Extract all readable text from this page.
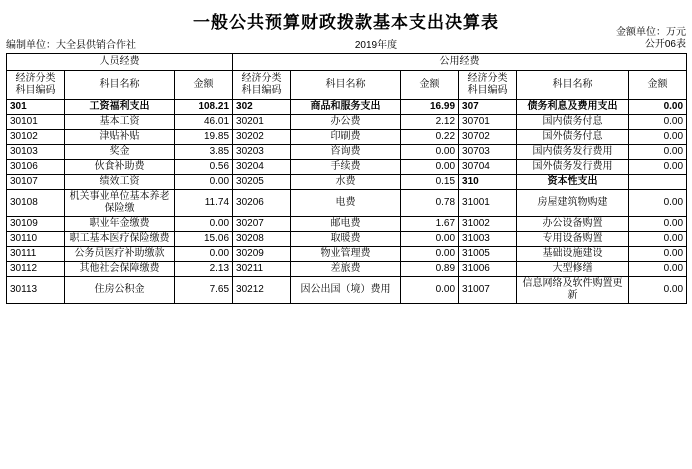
一般公共预算财政拨款基本支出决算表
编制单位：大全县供销合作社	2019年度
金额单位：万元
公开06表
人员经费			公用经费					

经济分类
科目编码
	科目名称	金额	
经济分类
科目编码
	科目名称	金额	
经济分类
科目编码
	科目名称	金额
301	工资福利支出	108.21	302	商品和服务支出	16.99	307	债务利息及费用支出	0.00
30101	基本工资	46.01	30201	办公费	2.12	30701	国内债务付息	0.00
30102	津贴补贴	19.85	30202	印刷费	0.22	30702	国外债务付息	0.00
30103	奖金	3.85	30203	咨询费	0.00	30703	国内债务发行费用	0.00
30106	伙食补助费	0.56	30204	手续费	0.00	30704	国外债务发行费用	0.00
30107	绩效工资	0.00	30205	水费	0.15	310	资本性支出	
30108	机关事业单位基本养老保险缴	11.74	30206	电费	0.78	31001	房屋建筑物购建	0.00
30109	职业年金缴费	0.00	30207	邮电费	1.67	31002	办公设备购置	0.00
30110	职工基本医疗保险缴费	15.06	30208	取暖费	0.00	31003	专用设备购置	0.00
30111	公务员医疗补助缴款	0.00	30209	物业管理费	0.00	31005	基础设施建设	0.00
30112	其他社会保障缴费	2.13	30211	差旅费	0.89	31006	大型修缮	0.00
30113	住房公积金	7.65	30212	因公出国（境）费用	0.00	31007	信息网络及软件购置更新	0.00
